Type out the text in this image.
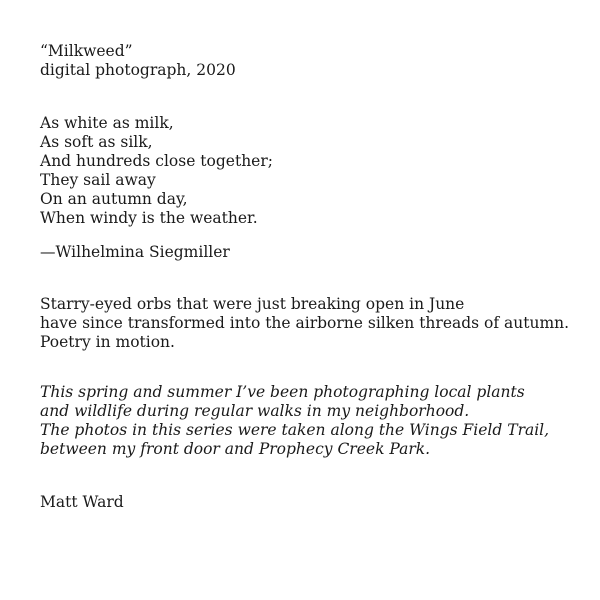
“Milkweed”
digital photograph, 2020
As white as milk,
As soft as silk,
And hundreds close together;
They sail away
On an autumn day,
When windy is the weather.
—Wilhelmina Siegmiller
Starry-eyed orbs that were just breaking open in June
have since transformed into the airborne silken threads of autumn.
Poetry in motion.
This spring and summer I’ve been photographing local plants
and wildlife during regular walks in my neighborhood.
The photos in this series were taken along the Wings Field Trail,
between my front door and Prophecy Creek Park.
Matt Ward
